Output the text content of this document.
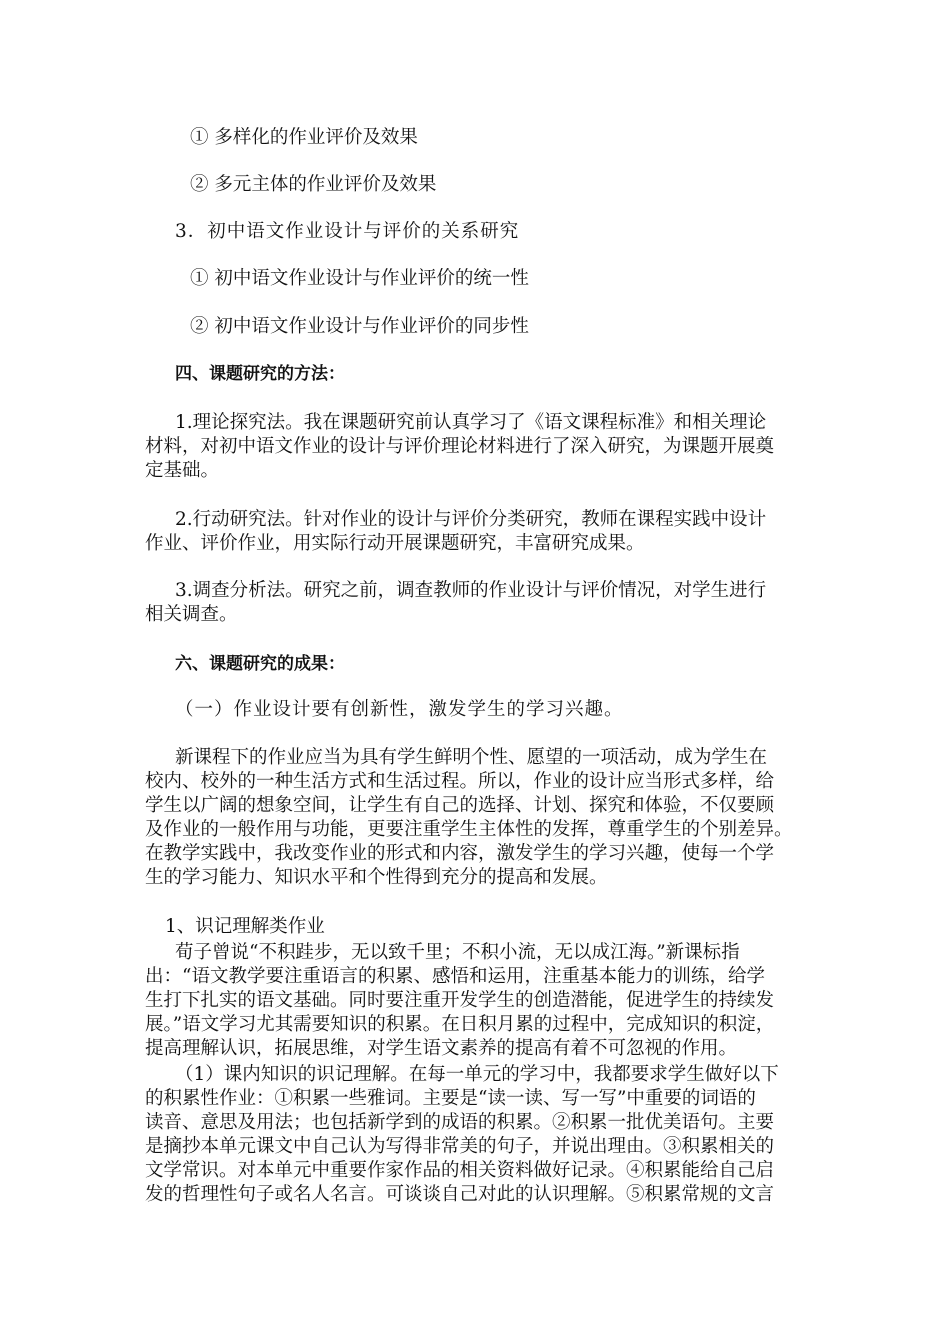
① 多样化的作业评价及效果
② 多元主体的作业评价及效果
3．初中语文作业设计与评价的关系研究
① 初中语文作业设计与作业评价的统一性
② 初中语文作业设计与作业评价的同步性
四、课题研究的方法：
1.理论探究法。我在课题研究前认真学习了《语文课程标准》和相关理论
材料，对初中语文作业的设计与评价理论材料进行了深入研究，为课题开展奠
定基础。
2.行动研究法。针对作业的设计与评价分类研究，教师在课程实践中设计
作业、评价作业，用实际行动开展课题研究，丰富研究成果。
3.调查分析法。研究之前，调查教师的作业设计与评价情况，对学生进行
相关调查。
六、课题研究的成果：
（一）作业设计要有创新性，激发学生的学习兴趣。
新课程下的作业应当为具有学生鲜明个性、愿望的一项活动，成为学生在
校内、校外的一种生活方式和生活过程。所以，作业的设计应当形式多样，给
学生以广阔的想象空间，让学生有自己的选择、计划、探究和体验，不仅要顾
及作业的一般作用与功能，更要注重学生主体性的发挥，尊重学生的个别差异。
在教学实践中，我改变作业的形式和内容，激发学生的学习兴趣，使每一个学
生的学习能力、知识水平和个性得到充分的提高和发展。
1、识记理解类作业
荀子曾说“不积跬步，无以致千里；不积小流，无以成江海。”新课标指
出：“语文教学要注重语言的积累、感悟和运用，注重基本能力的训练，给学
生打下扎实的语文基础。同时要注重开发学生的创造潜能，促进学生的持续发
展。”语文学习尤其需要知识的积累。在日积月累的过程中，完成知识的积淀，
提高理解认识，拓展思维，对学生语文素养的提高有着不可忽视的作用。
（1）课内知识的识记理解。在每一单元的学习中，我都要求学生做好以下
的积累性作业：①积累一些雅词。主要是“读一读、写一写”中重要的词语的
读音、意思及用法；也包括新学到的成语的积累。②积累一批优美语句。主要
是摘抄本单元课文中自己认为写得非常美的句子，并说出理由。③积累相关的
文学常识。对本单元中重要作家作品的相关资料做好记录。④积累能给自己启
发的哲理性句子或名人名言。可谈谈自己对此的认识理解。⑤积累常规的文言
